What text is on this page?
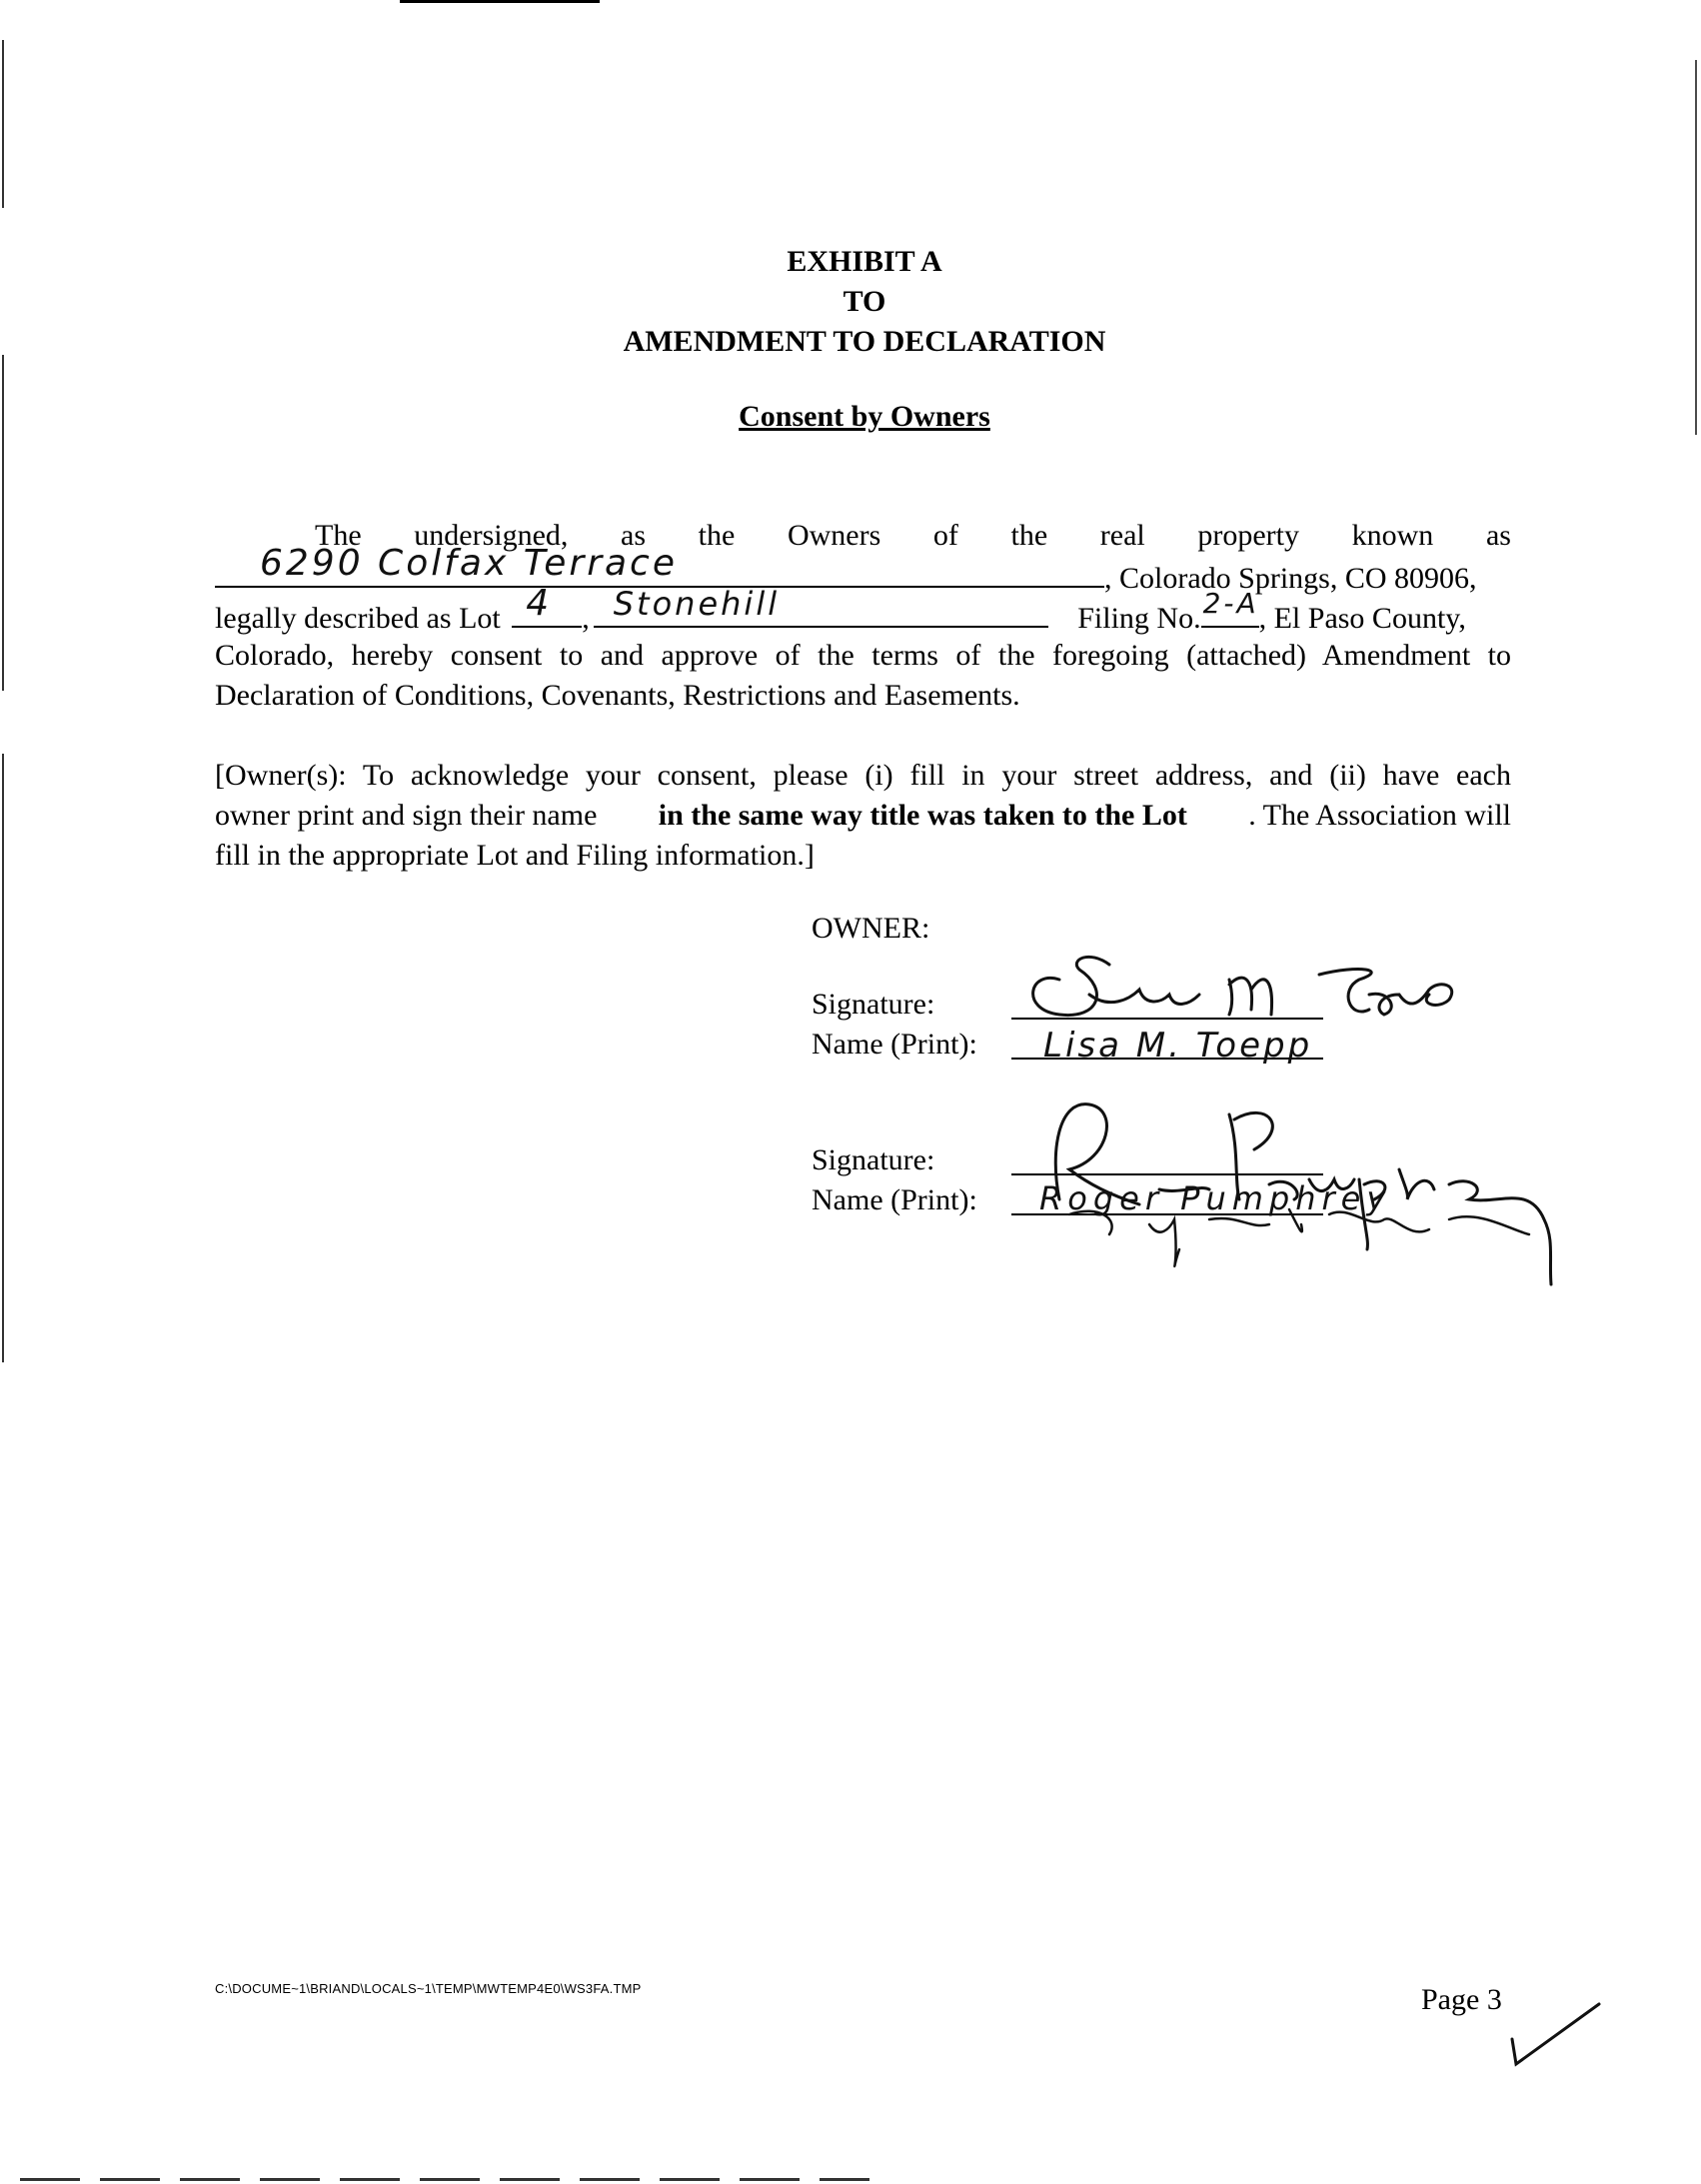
EXHIBIT A
TO
AMENDMENT TO DECLARATION
Consent by Owners
The undersigned, as the Owners of the real property known as
6290 Colfax Terrace	, Colorado Springs, CO 80906,
legally described as Lot 4 , Stonehill	Filing No. 2-A , El Paso County,
Colorado, hereby consent to and approve of the terms of the foregoing (attached) Amendment to
Declaration of Conditions, Covenants, Restrictions and Easements.
[Owner(s): To acknowledge your consent, please (i) fill in your street address, and (ii) have each
owner print and sign their name in the same way title was taken to the Lot . The Association will
fill in the appropriate Lot and Filing information.]
OWNER:
Signature:
Name (Print): Lisa M. Toepp
Signature:
Name (Print): Roger Pumphrey
C:\DOCUME~1\BRIAND\LOCALS~1\TEMP\MWTEMP4E0\WS3FA.TMP	Page 3
